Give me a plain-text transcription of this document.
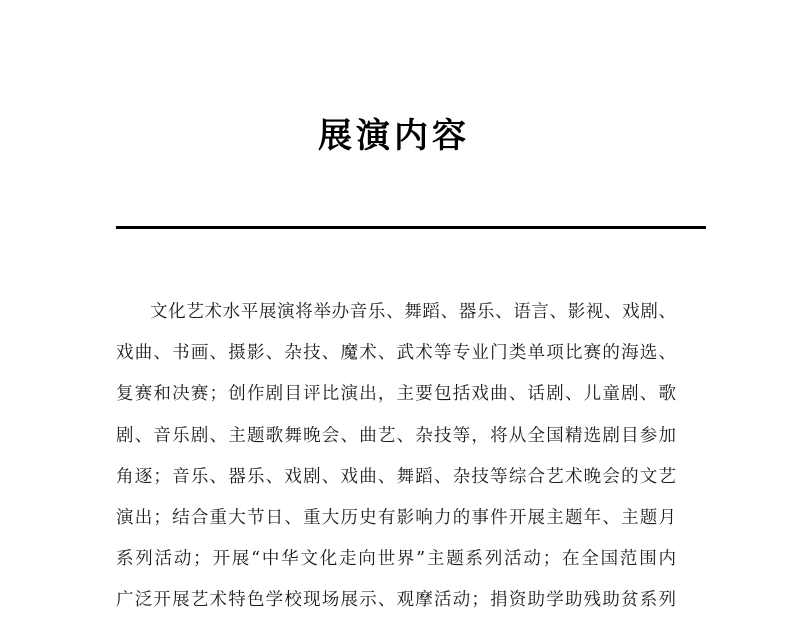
展演内容
文化艺术水平展演将举办音乐、舞蹈、器乐、语言、影视、戏剧、
戏曲、书画、摄影、杂技、魔术、武术等专业门类单项比赛的海选、
复赛和决赛；创作剧目评比演出，主要包括戏曲、话剧、儿童剧、歌
剧、音乐剧、主题歌舞晚会、曲艺、杂技等，将从全国精选剧目参加
角逐；音乐、器乐、戏剧、戏曲、舞蹈、杂技等综合艺术晚会的文艺
演出；结合重大节日、重大历史有影响力的事件开展主题年、主题月
系列活动；开展“中华文化走向世界”主题系列活动；在全国范围内
广泛开展艺术特色学校现场展示、观摩活动；捐资助学助残助贫系列
